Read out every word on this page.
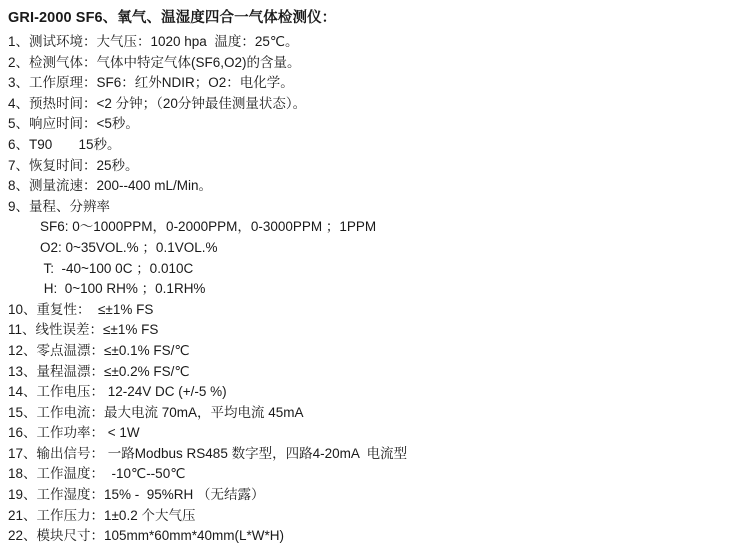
GRI-2000 SF6、氧气、温湿度四合一气体检测仪：
1、测试环境：大气压：1020 hpa  温度：25℃。
2、检测气体：气体中特定气体(SF6,O2)的含量。
3、工作原理：SF6：红外NDIR；O2：电化学。
4、预热时间：<2 分钟；（20分钟最佳测量状态）。
5、响应时间：<5秒。
6、T90       15秒。
7、恢复时间：25秒。
8、测量流速：200--400 mL/Min。
9、量程、分辨率
SF6: 0～1000PPM，0-2000PPM，0-3000PPM ；1PPM
O2: 0~35VOL.% ；0.1VOL.%
T:  -40~100 0C ；0.010C
H:  0~100 RH% ；0.1RH%
10、重复性：  ≤±1% FS
11、线性误差：≤±1% FS
12、零点温漂：≤±0.1% FS/℃
13、量程温漂：≤±0.2% FS/℃
14、工作电压： 12-24V DC (+/-5 %)
15、工作电流：最大电流 70mA，平均电流 45mA
16、工作功率： < 1W
17、输出信号： 一路Modbus RS485 数字型，四路4-20mA  电流型
18、工作温度：  -10℃--50℃
19、工作湿度：15% -  95%RH （无结露）
21、工作压力：1±0.2 个大气压
22、模块尺寸：105mm*60mm*40mm(L*W*H)
